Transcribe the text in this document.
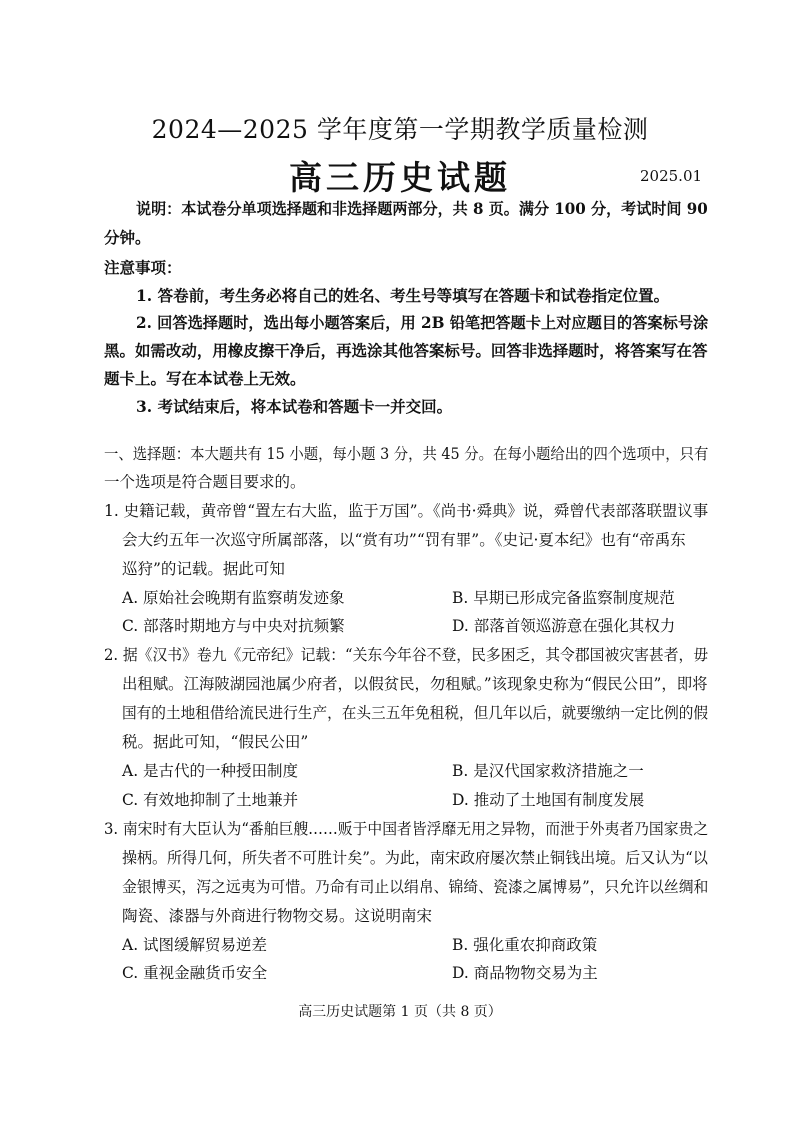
2024—2025 学年度第一学期教学质量检测
高三历史试题	2025.01
说明：本试卷分单项选择题和非选择题两部分，共 8 页。满分 100 分，考试时间 90
分钟。
注意事项：
1. 答卷前，考生务必将自己的姓名、考生号等填写在答题卡和试卷指定位置。
2. 回答选择题时，选出每小题答案后，用 2B 铅笔把答题卡上对应题目的答案标号涂
黑。如需改动，用橡皮擦干净后，再选涂其他答案标号。回答非选择题时，将答案写在答
题卡上。写在本试卷上无效。
3. 考试结束后，将本试卷和答题卡一并交回。
一、选择题：本大题共有 15 小题，每小题 3 分，共 45 分。在每小题给出的四个选项中，只有
一个选项是符合题目要求的。
1. 史籍记载，黄帝曾“置左右大监，监于万国”。《尚书·舜典》说，舜曾代表部落联盟议事
会大约五年一次巡守所属部落，以“赏有功”“罚有罪”。《史记·夏本纪》也有“帝禹东
巡狩”的记载。据此可知
A. 原始社会晚期有监察萌发迹象	B. 早期已形成完备监察制度规范
C. 部落时期地方与中央对抗频繁	D. 部落首领巡游意在强化其权力
2. 据《汉书》卷九《元帝纪》记载：“关东今年谷不登，民多困乏，其令郡国被灾害甚者，毋
出租赋。江海陂湖园池属少府者，以假贫民，勿租赋。”该现象史称为“假民公田”，即将
国有的土地租借给流民进行生产，在头三五年免租税，但几年以后，就要缴纳一定比例的假
税。据此可知，“假民公田”
A. 是古代的一种授田制度	B. 是汉代国家救济措施之一
C. 有效地抑制了土地兼并	D. 推动了土地国有制度发展
3. 南宋时有大臣认为“番舶巨艘……贩于中国者皆浮靡无用之异物，而泄于外夷者乃国家贵之
操柄。所得几何，所失者不可胜计矣”。为此，南宋政府屡次禁止铜钱出境。后又认为“以
金银博买，泻之远夷为可惜。乃命有司止以绢帛、锦绮、瓷漆之属博易”，只允许以丝绸和
陶瓷、漆器与外商进行物物交易。这说明南宋
A. 试图缓解贸易逆差	B. 强化重农抑商政策
C. 重视金融货币安全	D. 商品物物交易为主
高三历史试题第 1 页（共 8 页）
